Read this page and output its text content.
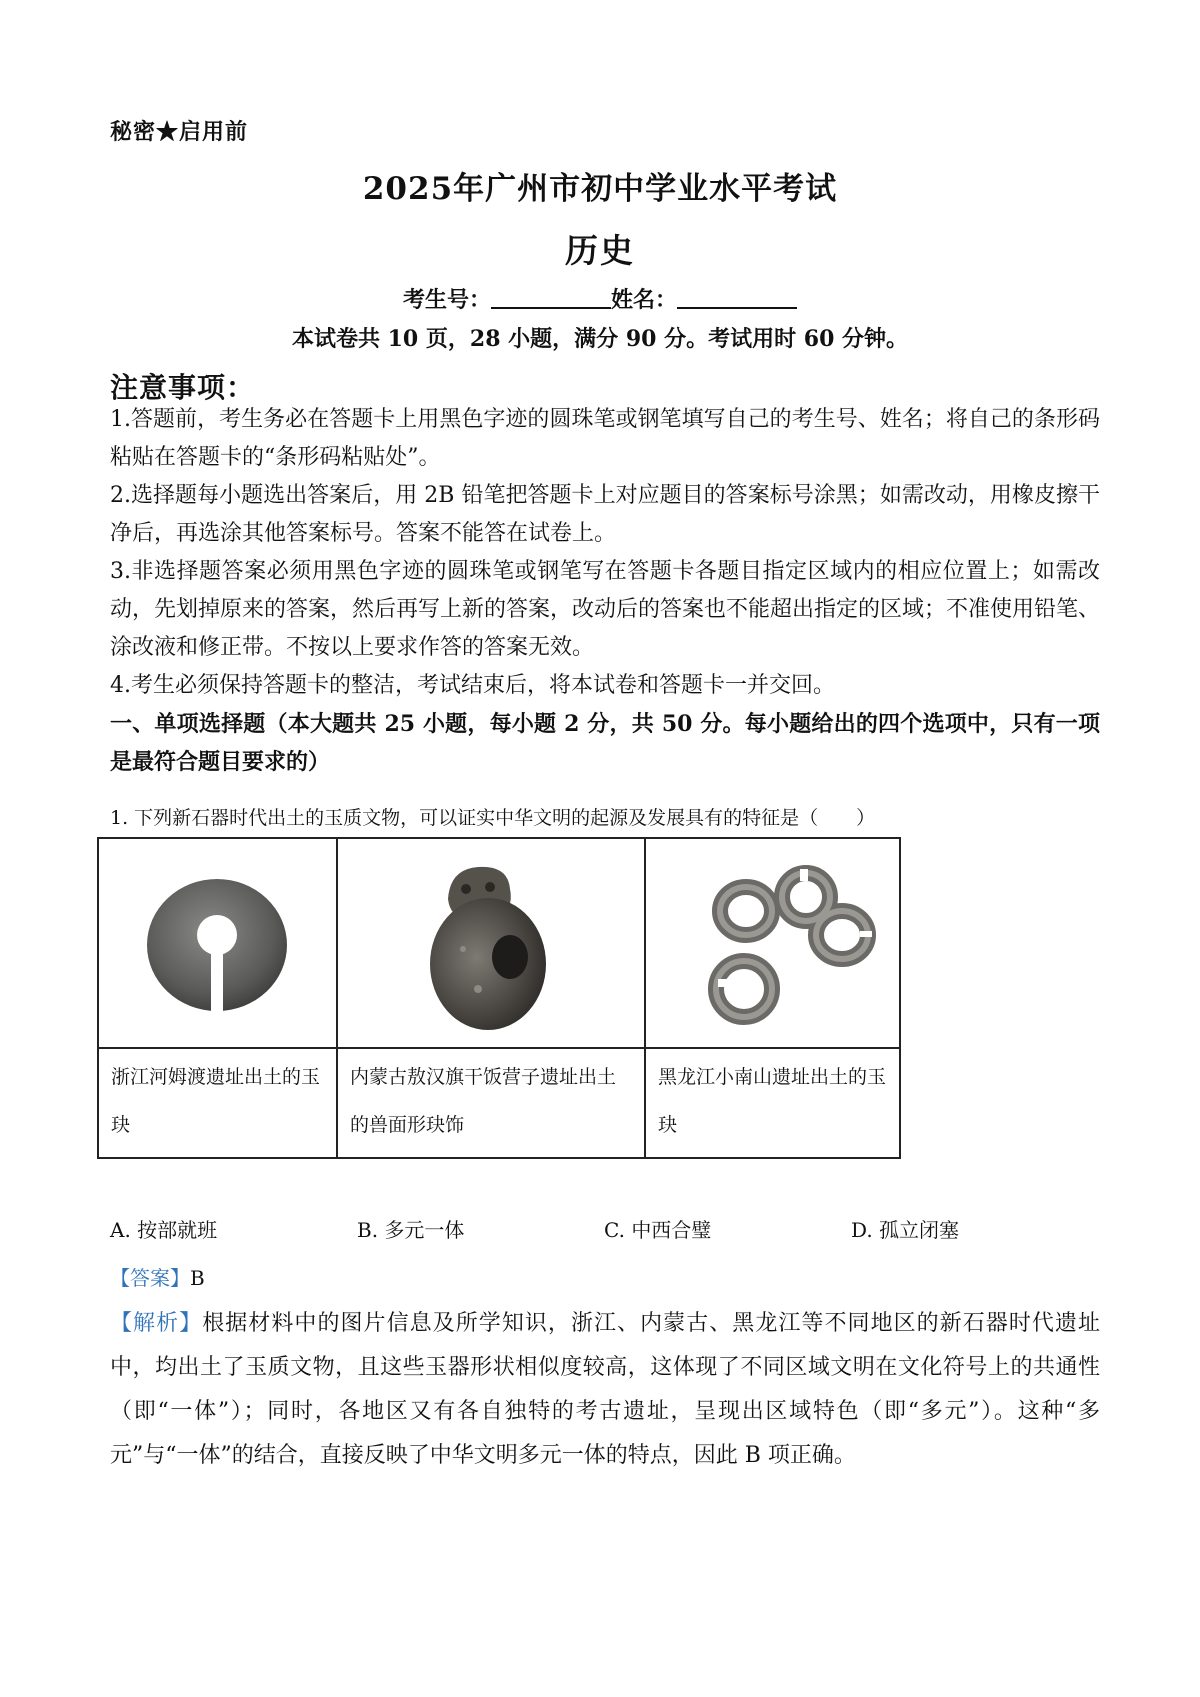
秘密★启用前
2025年广州市初中学业水平考试
历史
考生号：	姓名：
本试卷共 10 页，28 小题，满分 90 分。考试用时 60 分钟。
注意事项：
1.答题前，考生务必在答题卡上用黑色字迹的圆珠笔或钢笔填写自己的考生号、姓名；将自己的条形码粘贴在答题卡的“条形码粘贴处”。
2.选择题每小题选出答案后，用 2B 铅笔把答题卡上对应题目的答案标号涂黑；如需改动，用橡皮擦干净后，再选涂其他答案标号。答案不能答在试卷上。
3.非选择题答案必须用黑色字迹的圆珠笔或钢笔写在答题卡各题目指定区域内的相应位置上；如需改动，先划掉原来的答案，然后再写上新的答案，改动后的答案也不能超出指定的区域；不准使用铅笔、涂改液和修正带。不按以上要求作答的答案无效。
4.考生必须保持答题卡的整洁，考试结束后，将本试卷和答题卡一并交回。
一、单项选择题（本大题共 25 小题，每小题 2 分，共 50 分。每小题给出的四个选项中，只有一项是最符合题目要求的）
1. 下列新石器时代出土的玉质文物，可以证实中华文明的起源及发展具有的特征是（　　）

浙江河姆渡遗址出土的玉玦	内蒙古敖汉旗干饭营子遗址出土的兽面形玦饰	黑龙江小南山遗址出土的玉玦
A. 按部就班	B. 多元一体	C. 中西合璧	D. 孤立闭塞
【答案】B
【解析】根据材料中的图片信息及所学知识，浙江、内蒙古、黑龙江等不同地区的新石器时代遗址中，均出土了玉质文物，且这些玉器形状相似度较高，这体现了不同区域文明在文化符号上的共通性（即“一体”）；同时，各地区又有各自独特的考古遗址，呈现出区域特色（即“多元”）。这种“多元”与“一体”的结合，直接反映了中华文明多元一体的特点，因此 B 项正确。
